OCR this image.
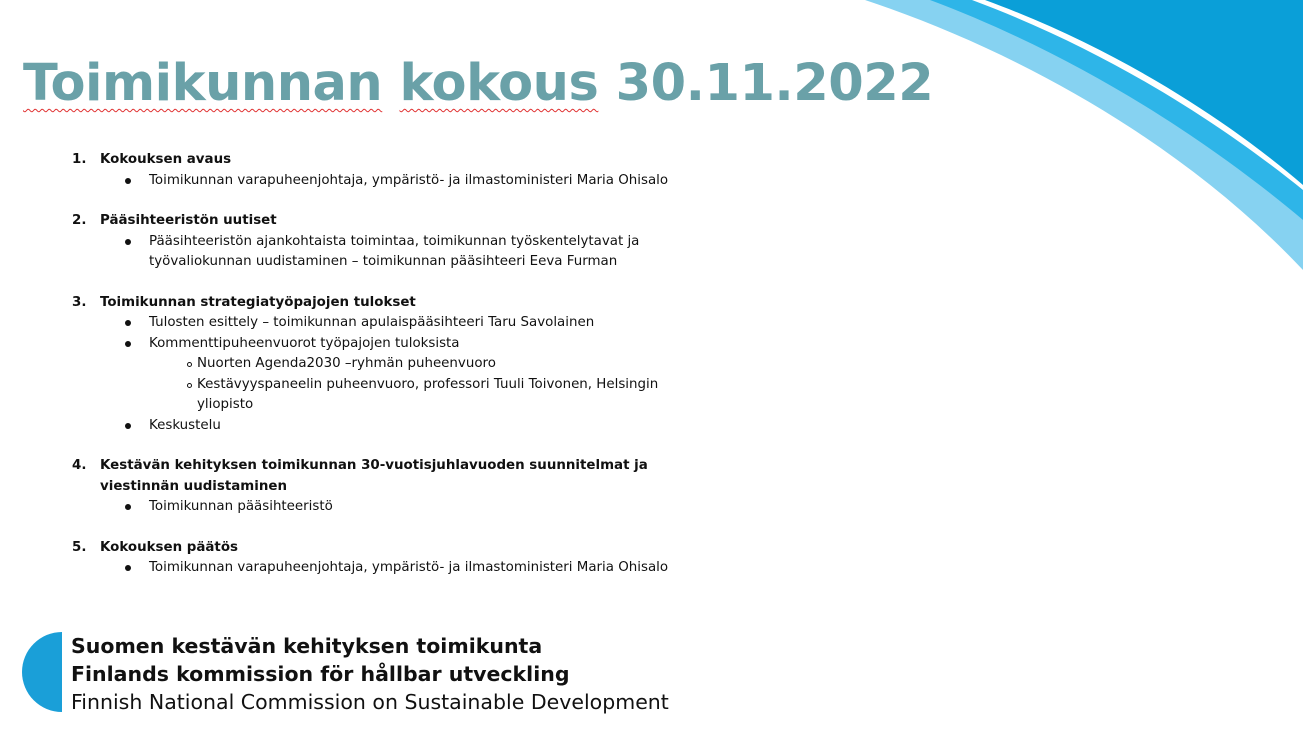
Toimikunnan kokous 30.11.2022
1.	Kokouksen avaus
Toimikunnan varapuheenjohtaja, ympäristö- ja ilmastoministeri Maria Ohisalo
2.	Pääsihteeristön uutiset
Pääsihteeristön ajankohtaista toimintaa, toimikunnan työskentelytavat ja työvaliokunnan uudistaminen – toimikunnan pääsihteeri Eeva Furman
3.	Toimikunnan strategiatyöpajojen tulokset
Tulosten esittely – toimikunnan apulaispääsihteeri Taru Savolainen
Kommenttipuheenvuorot työpajojen tuloksista
Nuorten Agenda2030 –ryhmän puheenvuoro
Kestävyyspaneelin puheenvuoro, professori Tuuli Toivonen, Helsingin yliopisto
Keskustelu
4.	Kestävän kehityksen toimikunnan 30-vuotisjuhlavuoden suunnitelmat ja viestinnän uudistaminen
Toimikunnan pääsihteeristö
5.	Kokouksen päätös
Toimikunnan varapuheenjohtaja, ympäristö- ja ilmastoministeri Maria Ohisalo
Suomen kestävän kehityksen toimikunta
Finlands kommission för hållbar utveckling
Finnish National Commission on Sustainable Development
